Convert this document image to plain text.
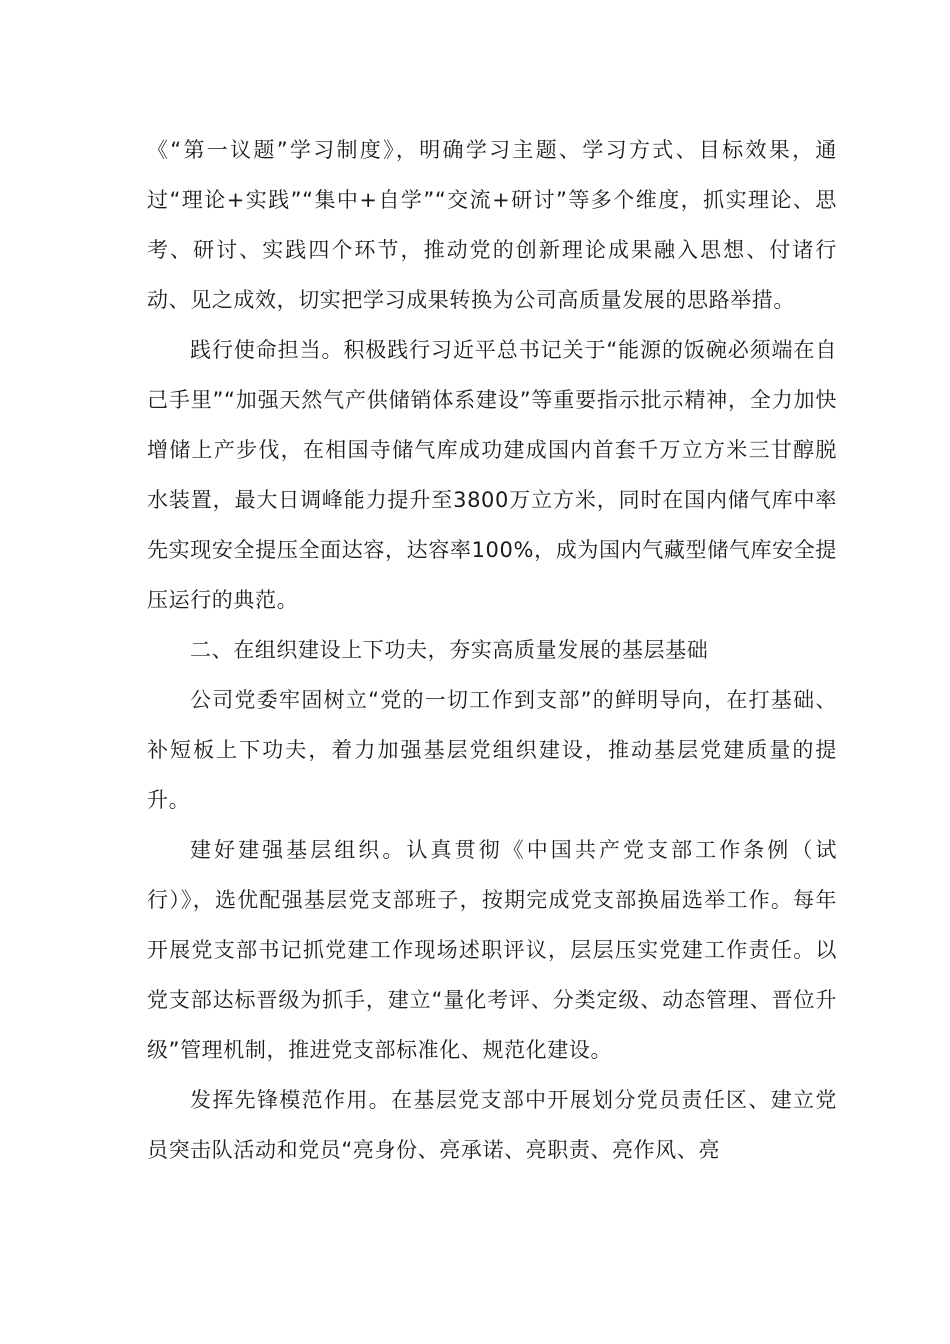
《“第一议题”学习制度》，明确学习主题、学习方式、目标效果，通过“理论+实践”“集中+自学”“交流+研讨”等多个维度，抓实理论、思考、研讨、实践四个环节，推动党的创新理论成果融入思想、付诸行动、见之成效，切实把学习成果转换为公司高质量发展的思路举措。

践行使命担当。积极践行习近平总书记关于“能源的饭碗必须端在自己手里”“加强天然气产供储销体系建设”等重要指示批示精神，全力加快增储上产步伐，在相国寺储气库成功建成国内首套千万立方米三甘醇脱水装置，最大日调峰能力提升至3800万立方米，同时在国内储气库中率先实现安全提压全面达容，达容率100%，成为国内气藏型储气库安全提压运行的典范。

二、在组织建设上下功夫，夯实高质量发展的基层基础

公司党委牢固树立“党的一切工作到支部”的鲜明导向，在打基础、补短板上下功夫，着力加强基层党组织建设，推动基层党建质量的提升。

建好建强基层组织。认真贯彻《中国共产党支部工作条例（试行）》，选优配强基层党支部班子，按期完成党支部换届选举工作。每年开展党支部书记抓党建工作现场述职评议，层层压实党建工作责任。以党支部达标晋级为抓手，建立“量化考评、分类定级、动态管理、晋位升级”管理机制，推进党支部标准化、规范化建设。

发挥先锋模范作用。在基层党支部中开展划分党员责任区、建立党员突击队活动和党员“亮身份、亮承诺、亮职责、亮作风、亮
